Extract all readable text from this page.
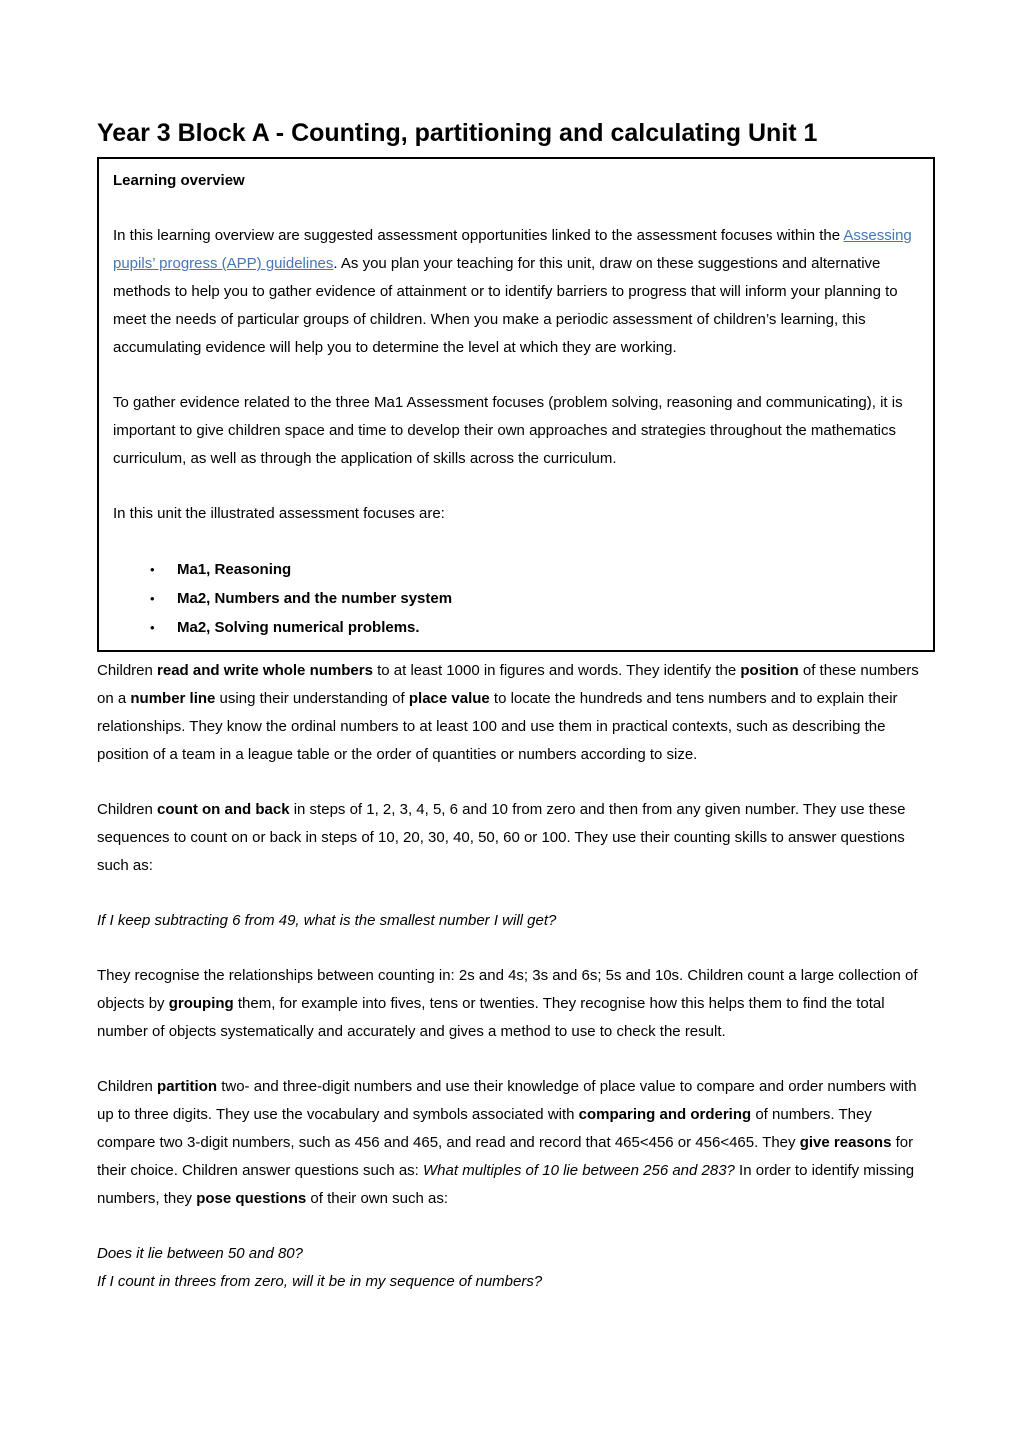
Year 3 Block A - Counting, partitioning and calculating Unit 1

Learning overview

In this learning overview are suggested assessment opportunities linked to the assessment focuses within the Assessing pupils’ progress (APP) guidelines. As you plan your teaching for this unit, draw on these suggestions and alternative methods to help you to gather evidence of attainment or to identify barriers to progress that will inform your planning to meet the needs of particular groups of children. When you make a periodic assessment of children’s learning, this accumulating evidence will help you to determine the level at which they are working.

To gather evidence related to the three Ma1 Assessment focuses (problem solving, reasoning and communicating), it is important to give children space and time to develop their own approaches and strategies throughout the mathematics curriculum, as well as through the application of skills across the curriculum.

In this unit the illustrated assessment focuses are:

•	Ma1, Reasoning
•	Ma2, Numbers and the number system
•	Ma2, Solving numerical problems.

Children read and write whole numbers to at least 1000 in figures and words. They identify the position of these numbers on a number line using their understanding of place value to locate the hundreds and tens numbers and to explain their relationships. They know the ordinal numbers to at least 100 and use them in practical contexts, such as describing the position of a team in a league table or the order of quantities or numbers according to size.

Children count on and back in steps of 1, 2, 3, 4, 5, 6 and 10 from zero and then from any given number. They use these sequences to count on or back in steps of 10, 20, 30, 40, 50, 60 or 100. They use their counting skills to answer questions such as:

If I keep subtracting 6 from 49, what is the smallest number I will get?

They recognise the relationships between counting in: 2s and 4s; 3s and 6s; 5s and 10s. Children count a large collection of objects by grouping them, for example into fives, tens or twenties. They recognise how this helps them to find the total number of objects systematically and accurately and gives a method to use to check the result.

Children partition two- and three-digit numbers and use their knowledge of place value to compare and order numbers with up to three digits. They use the vocabulary and symbols associated with comparing and ordering of numbers. They compare two 3-digit numbers, such as 456 and 465, and read and record that 465<456 or 456<465. They give reasons for their choice. Children answer questions such as: What multiples of 10 lie between 256 and 283? In order to identify missing numbers, they pose questions of their own such as:

Does it lie between 50 and 80?

If I count in threes from zero, will it be in my sequence of numbers?
